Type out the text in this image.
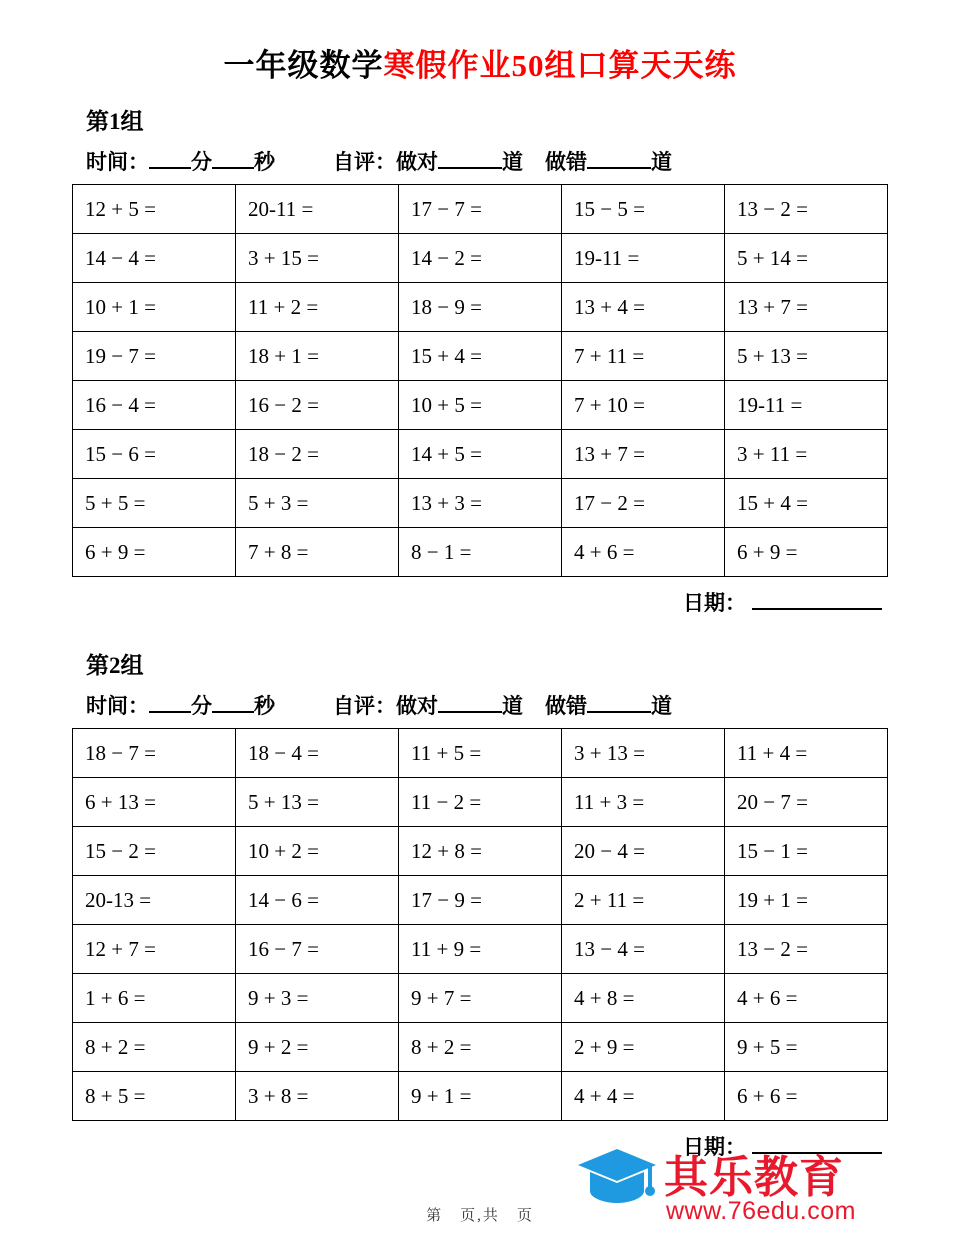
一年级数学寒假作业50组口算天天练
第1组
时间： 分 秒	自评：做对	道 做错	道
12 + 5 =	20-11 =	17 − 7 =	15 − 5 =	13 − 2 =
14 − 4 =	3 + 15 =	14 − 2 =	19-11 =	5 + 14 =
10 + 1 =	11 + 2 =	18 − 9 =	13 + 4 =	13 + 7 =
19 − 7 =	18 + 1 =	15 + 4 =	7 + 11 =	5 + 13 =
16 − 4 =	16 − 2 =	10 + 5 =	7 + 10 =	19-11 =
15 − 6 =	18 − 2 =	14 + 5 =	13 + 7 =	3 + 11 =
5 + 5 =	5 + 3 =	13 + 3 =	17 − 2 =	15 + 4 =
6 + 9 =	7 + 8 =	8 − 1 =	4 + 6 =	6 + 9 =
日期：
第2组
时间： 分 秒	自评：做对	道 做错	道
18 − 7 =	18 − 4 =	11 + 5 =	3 + 13 =	11 + 4 =
6 + 13 =	5 + 13 =	11 − 2 =	11 + 3 =	20 − 7 =
15 − 2 =	10 + 2 =	12 + 8 =	20 − 4 =	15 − 1 =
20-13 =	14 − 6 =	17 − 9 =	2 + 11 =	19 + 1 =
12 + 7 =	16 − 7 =	11 + 9 =	13 − 4 =	13 − 2 =
1 + 6 =	9 + 3 =	9 + 7 =	4 + 8 =	4 + 6 =
8 + 2 =	9 + 2 =	8 + 2 =	2 + 9 =	9 + 5 =
8 + 5 =	3 + 8 =	9 + 1 =	4 + 4 =	6 + 6 =
日期：
第　页,共　页
其乐教育
www.76edu.com
